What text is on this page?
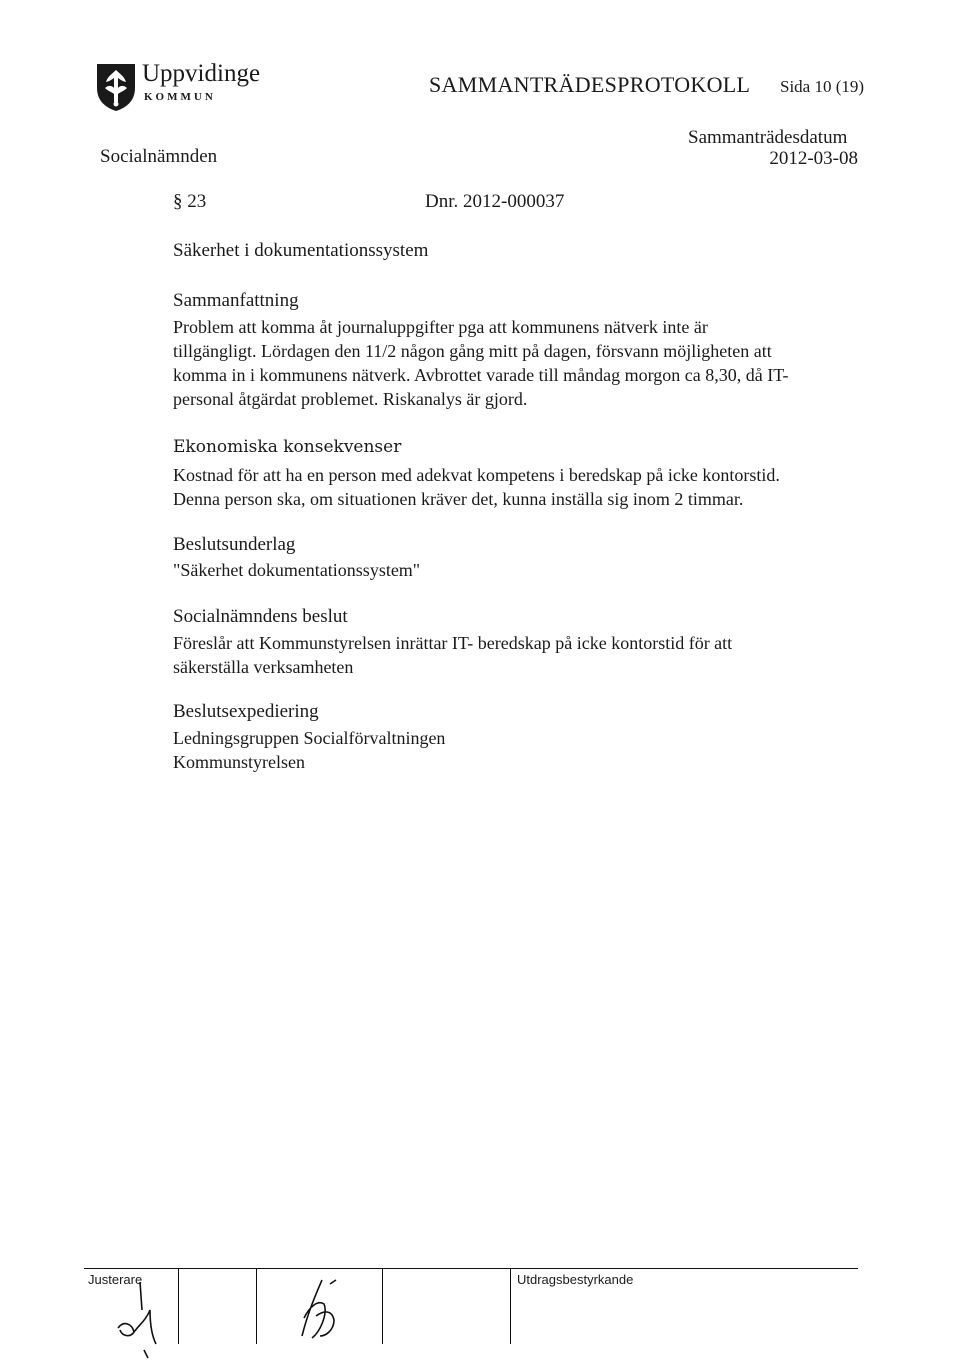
Uppvidinge
KOMMUN	SAMMANTRÄDESPROTOKOLL Sida 10 (19)
Socialnämnden
Sammanträdesdatum
2012-03-08
§ 23	Dnr. 2012-000037
Säkerhet i dokumentationssystem
Sammanfattning
Problem att komma åt journaluppgifter pga att kommunens nätverk inte är
tillgängligt. Lördagen den 11/2 någon gång mitt på dagen, försvann möjligheten att
komma in i kommunens nätverk. Avbrottet varade till måndag morgon ca 8,30, då IT-
personal åtgärdat problemet. Riskanalys är gjord.
Ekonomiska konsekvenser
Kostnad för att ha en person med adekvat kompetens i beredskap på icke kontorstid.
Denna person ska, om situationen kräver det, kunna inställa sig inom 2 timmar.
Beslutsunderlag
"Säkerhet dokumentationssystem"
Socialnämndens beslut
Föreslår att Kommunstyrelsen inrättar IT- beredskap på icke kontorstid för att
säkerställa verksamheten
Beslutsexpediering
Ledningsgruppen Socialförvaltningen
Kommunstyrelsen
Justerare	Utdragsbestyrkande
